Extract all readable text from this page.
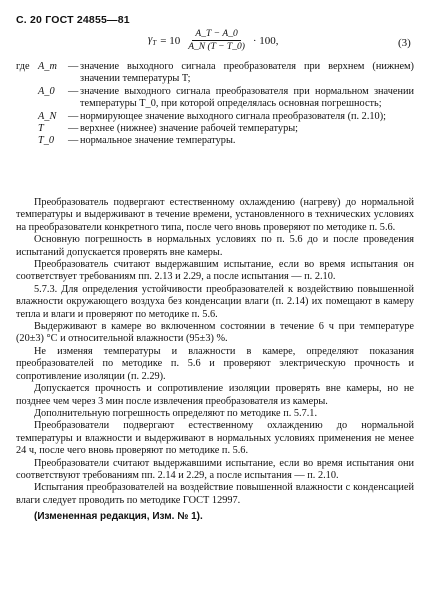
С. 20 ГОСТ 24855—81
$\gamma_Т = 10 \frac{A\_Т - A\_0}{A\_N (T - T\_0)} \cdot 100$,	(3)
где A_т	— значение выходного сигнала преобразователя при верхнем (нижнем) значении температуры T;
A_0	— значение выходного сигнала преобразователя при нормальном значении температуры T_0, при которой определялась основная погрешность;
A_N	— нормирующее значение выходного сигнала преобразователя (п. 2.10);
T	— верхнее (нижнее) значение рабочей температуры;
T_0	— нормальное значение температуры.

Преобразователь подвергают естественному охлаждению (нагреву) до нормальной температуры и выдерживают в течение времени, установленного в технических условиях на преобразователи конкретного типа, после чего вновь проверяют по методике п. 5.6.

Основную погрешность в нормальных условиях по п. 5.6 до и после проведения испытаний допускается проверять вне камеры.

Преобразователь считают выдержавшим испытание, если во время испытания он соответствует требованиям пп. 2.13 и 2.29, а после испытания — п. 2.10.

5.7.3. Для определения устойчивости преобразователей к воздействию повышенной влажности окружающего воздуха без конденсации влаги (п. 2.14) их помещают в камеру тепла и влаги и проверяют по методике п. 5.6.

Выдерживают в камере во включенном состоянии в течение 6 ч при температуре (20±3) °С и относительной влажности (95±3) %.

Не изменяя температуры и влажности в камере, определяют показания преобразователей по методике п. 5.6 и проверяют электрическую прочность и сопротивление изоляции (п. 2.29).

Допускается прочность и сопротивление изоляции проверять вне камеры, но не позднее чем через 3 мин после извлечения преобразователя из камеры.

Дополнительную погрешность определяют по методике п. 5.7.1.

Преобразователи подвергают естественному охлаждению до нормальной температуры и влажности и выдерживают в нормальных условиях применения не менее 24 ч, после чего вновь проверяют по методике п. 5.6.

Преобразователи считают выдержавшими испытание, если во время испытания они соответствуют требованиям пп. 2.14 и 2.29, а после испытания — п. 2.10.

Испытания преобразователей на воздействие повышенной влажности с конденсацией влаги следует проводить по методике ГОСТ 12997.

(Измененная редакция, Изм. № 1).
